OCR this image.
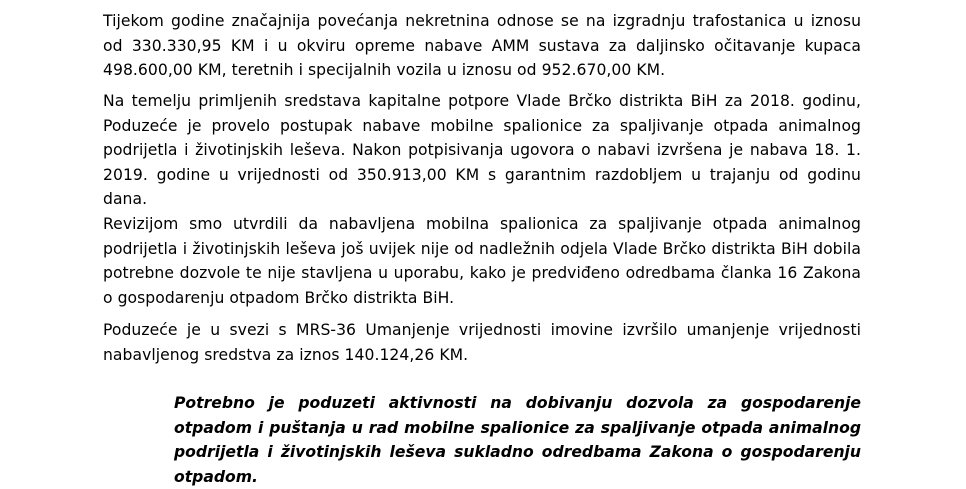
Tijekom godine značajnija povećanja nekretnina odnose se na izgradnju trafostanica u iznosu od 330.330,95 KM i u okviru opreme nabave AMM sustava za daljinsko očitavanje kupaca 498.600,00 KM, teretnih i specijalnih vozila u iznosu od 952.670,00 KM.

Na temelju primljenih sredstava kapitalne potpore Vlade Brčko distrikta BiH za 2018. godinu, Poduzeće je provelo postupak nabave mobilne spalionice za spaljivanje otpada animalnog podrijetla i životinjskih leševa. Nakon potpisivanja ugovora o nabavi izvršena je nabava 18. 1. 2019. godine u vrijednosti od 350.913,00 KM s garantnim razdobljem u trajanju od godinu dana.

Revizijom smo utvrdili da nabavljena mobilna spalionica za spaljivanje otpada animalnog podrijetla i životinjskih leševa još uvijek nije od nadležnih odjela Vlade Brčko distrikta BiH dobila potrebne dozvole te nije stavljena u uporabu, kako je predviđeno odredbama članka 16 Zakona o gospodarenju otpadom Brčko distrikta BiH.

Poduzeće je u svezi s MRS-36 Umanjenje vrijednosti imovine izvršilo umanjenje vrijednosti nabavljenog sredstva za iznos 140.124,26 KM.

Potrebno je poduzeti aktivnosti na dobivanju dozvola za gospodarenje otpadom i puštanja u rad mobilne spalionice za spaljivanje otpada animalnog podrijetla i životinjskih leševa sukladno odredbama Zakona o gospodarenju otpadom.
